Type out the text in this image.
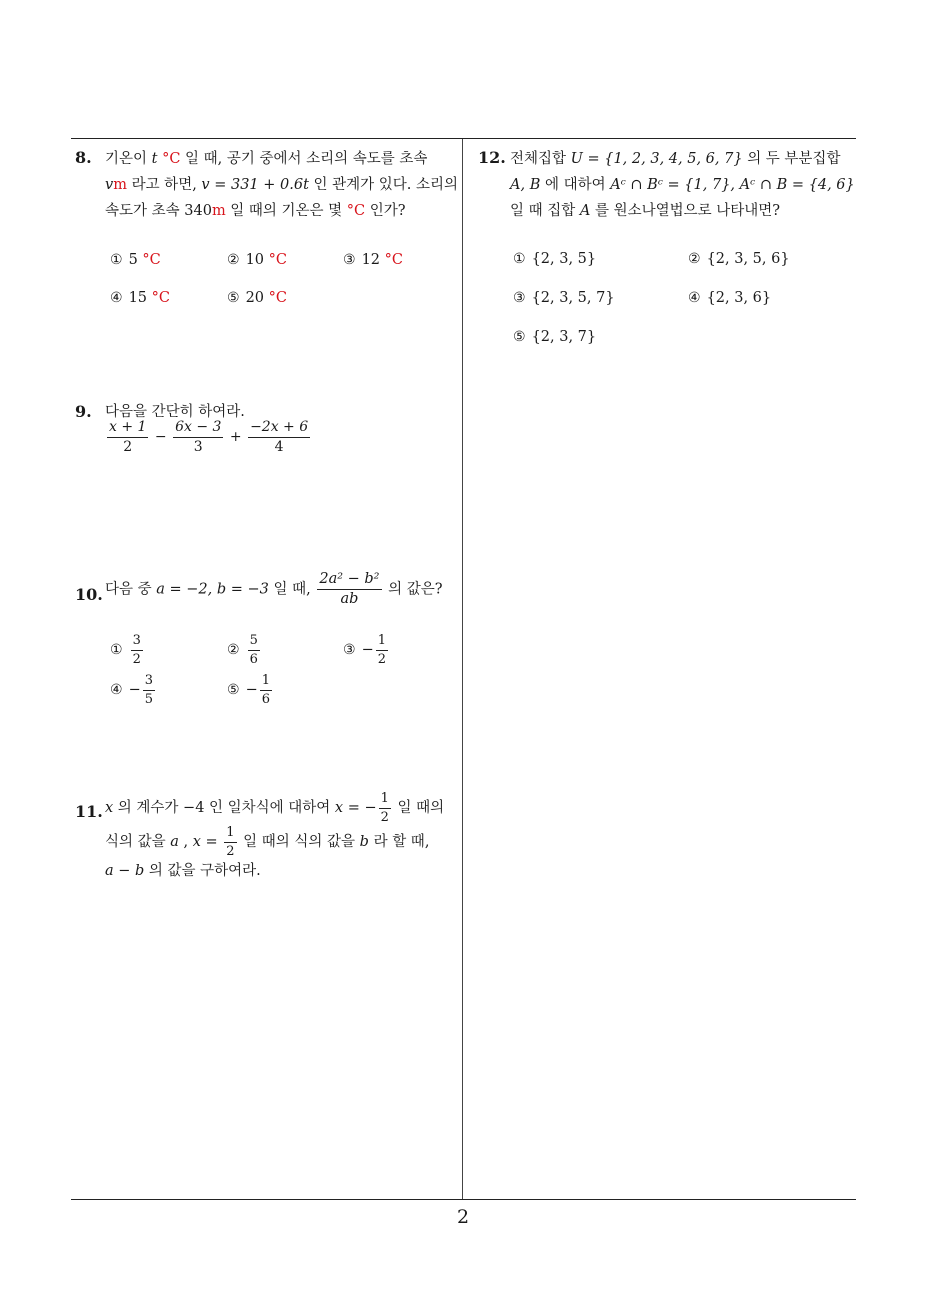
8. 기온이 t °C 일 때, 공기 중에서 소리의 속도를 초속
vm 라고 하면, v = 331 + 0.6t 인 관계가 있다. 소리의
속도가 초속 340m 일 때의 기온은 몇 °C 인가?
① 5 °C	② 10 °C	③ 12 °C
④ 15 °C	⑤ 20 °C
9. 다음을 간단히 하여라.
$\frac{x + 1}{2} - \frac{6x - 3}{3} + \frac{-2x + 6}{4}$
10. 다음 중 a = −2, b = −3 일 때, $\frac{\text{2a² − b²}}{ab}$ 의 값은?
① $\frac{3}{2}$	② $\frac{5}{6}$	③ − $\frac{1}{2}$
④ − $\frac{3}{5}$	⑤ − $\frac{1}{6}$
11. x 의 계수가 −4 인 일차식에 대하여 x = − $\frac{1}{2}$ 일 때의
식의 값을 a , $x = \frac{1}{2}$ 일 때의 식의 값을 b 라 할 때,
a − b 의 값을 구하여라.
12. 전체집합 U = {1, 2, 3, 4, 5, 6, 7} 의 두 부분집합
A, B 에 대하여 Aᶜ ∩ Bᶜ = {1, 7}, Aᶜ ∩ B = {4, 6}
일 때 집합 A 를 원소나열법으로 나타내면?
① {2, 3, 5}	② {2, 3, 5, 6}
③ {2, 3, 5, 7}	④ {2, 3, 6}
⑤ {2, 3, 7}
2
